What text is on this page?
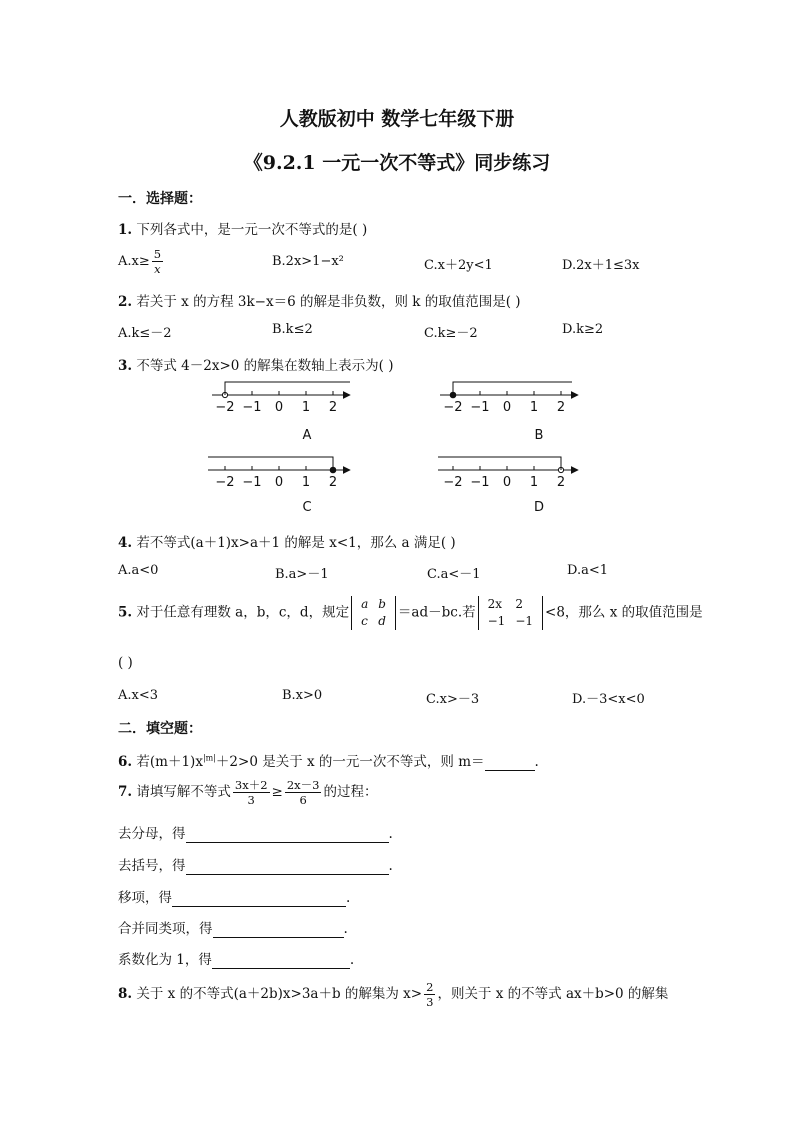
人教版初中 数学七年级下册
《9.2.1 一元一次不等式》同步练习
一．选择题：
1. 下列各式中，是一元一次不等式的是( )
$A.x\ge \frac{5}{x}$	B.2x>1−x²	C.x＋2y<1	D.2x＋1≤3x
2. 若关于 x 的方程 3k−x＝6 的解是非负数，则 k 的取值范围是( )
A.k≤－2	B.k≤2	C.k≥－2	D.k≥2
3. 不等式 4－2x>0 的解集在数轴上表示为( )
−2 −1 0 1 2	−2 −1 0 1 2
−2 −1 0 1 2	−2 −1 0 1 2
A	B
C	D
4. 若不等式(a＋1)x>a＋1 的解是 x<1，那么 a 满足( )
A.a<0	B.a>－1	C.a<－1	D.a<1
5. 对于任意有理数 a，b，c，d，规定
a	b
c	d
＝ad－bc.若
2x	2
−1	−1
<8，那么 x 的取值范围是
( )
A.x<3	B.x>0	C.x>－3	D.－3<x<0
二．填空题：
6. 若$(m+1)x^{|m|}+2>0$ 是关于 x 的一元一次不等式，则 m＝	.
7. 请填写解不等式 $\frac{3x+2}{3} \ge \frac{2x-3}{6}$ 的过程：
去分母，得	.
去括号，得	.
移项，得	.
合并同类项，得	.
系数化为 1，得	.
8. 关于 x 的不等式(a＋2b)x>3a＋b 的解集为 $x> \frac{2}{3}$ ，则关于 x 的不等式 ax＋b>0 的解集
